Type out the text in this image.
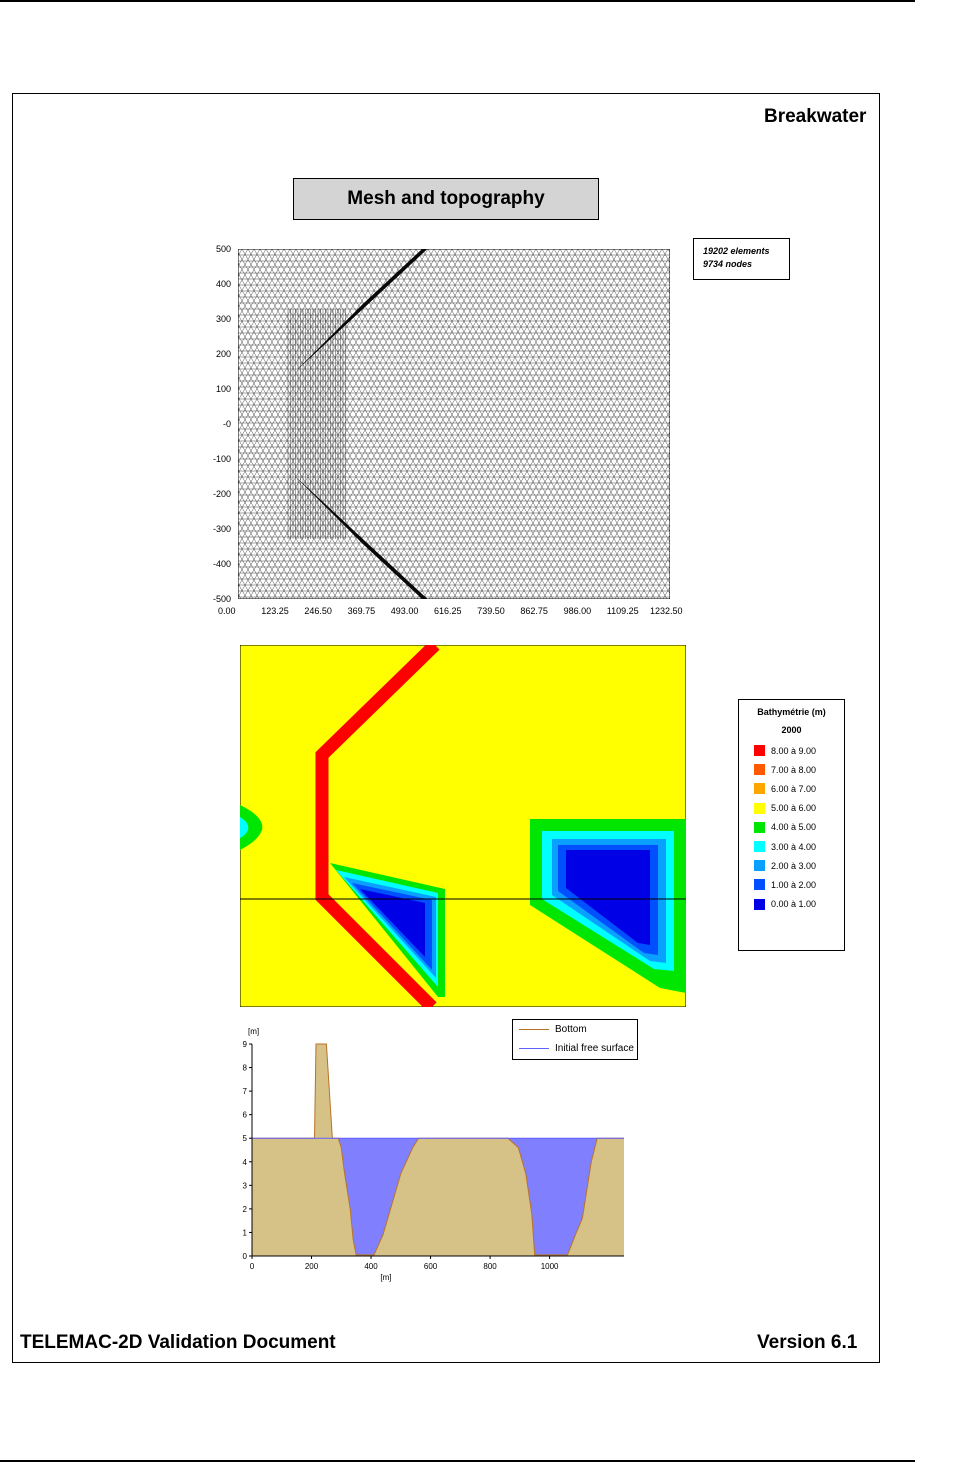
Breakwater
Mesh and topography
500
400
300
200
100
-0
-100
-200
-300
-400
-500
0.00	123.25 246.50 369.75 493.00 616.25 739.50 862.75 986.00 1109.25 1232.50
19202 elements
9734 nodes
Bathymétrie (m)
2000
8.00 à 9.00
7.00 à 8.00
6.00 à 7.00
5.00 à 6.00
4.00 à 5.00
3.00 à 4.00
2.00 à 3.00
1.00 à 2.00
0.00 à 1.00
0
1
2
3
4
5
6
7
8
9
0	200	400	600	800	1000
[m]
[m]
Bottom
Initial free surface
TELEMAC-2D Validation Document	Version 6.1
